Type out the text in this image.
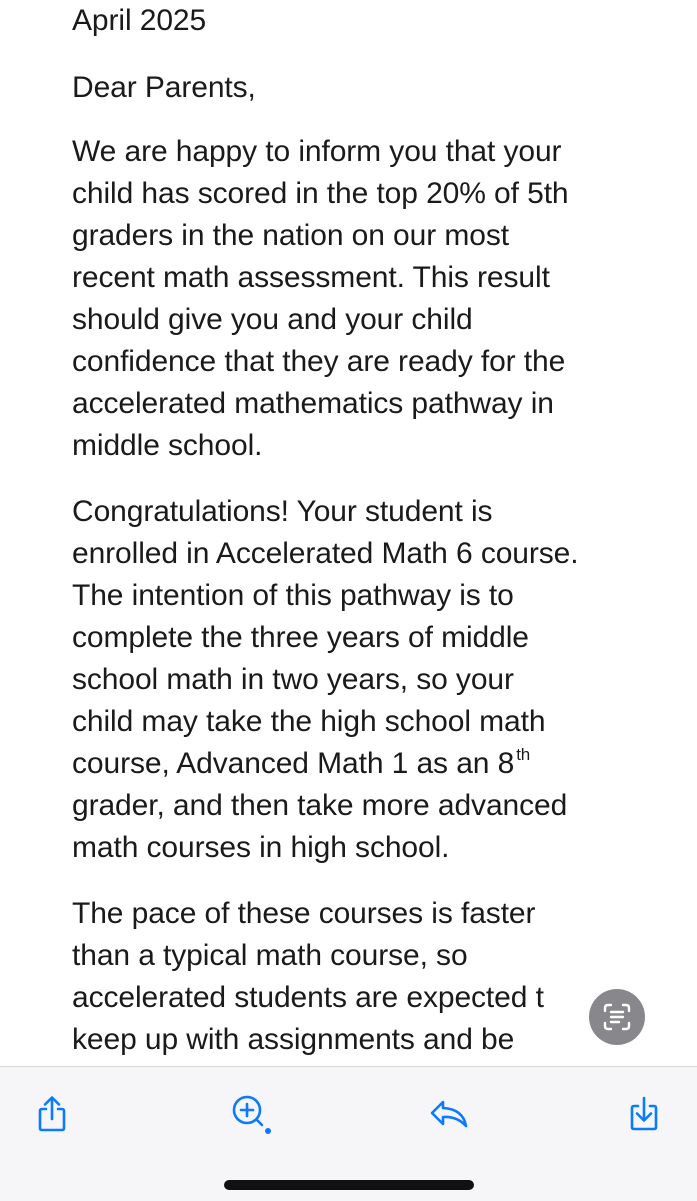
April 2025
Dear Parents,
We are happy to inform you that your
child has scored in the top 20% of 5th
graders in the nation on our most
recent math assessment. This result
should give you and your child
confidence that they are ready for the
accelerated mathematics pathway in
middle school.
Congratulations! Your student is
enrolled in Accelerated Math 6 course.
The intention of this pathway is to
complete the three years of middle
school math in two years, so your
child may take the high school math
course, Advanced Math 1 as an 8 $^{th}$
grader, and then take more advanced
math courses in high school.
The pace of these courses is faster
than a typical math course, so
accelerated students are expected t
keep up with assignments and be
